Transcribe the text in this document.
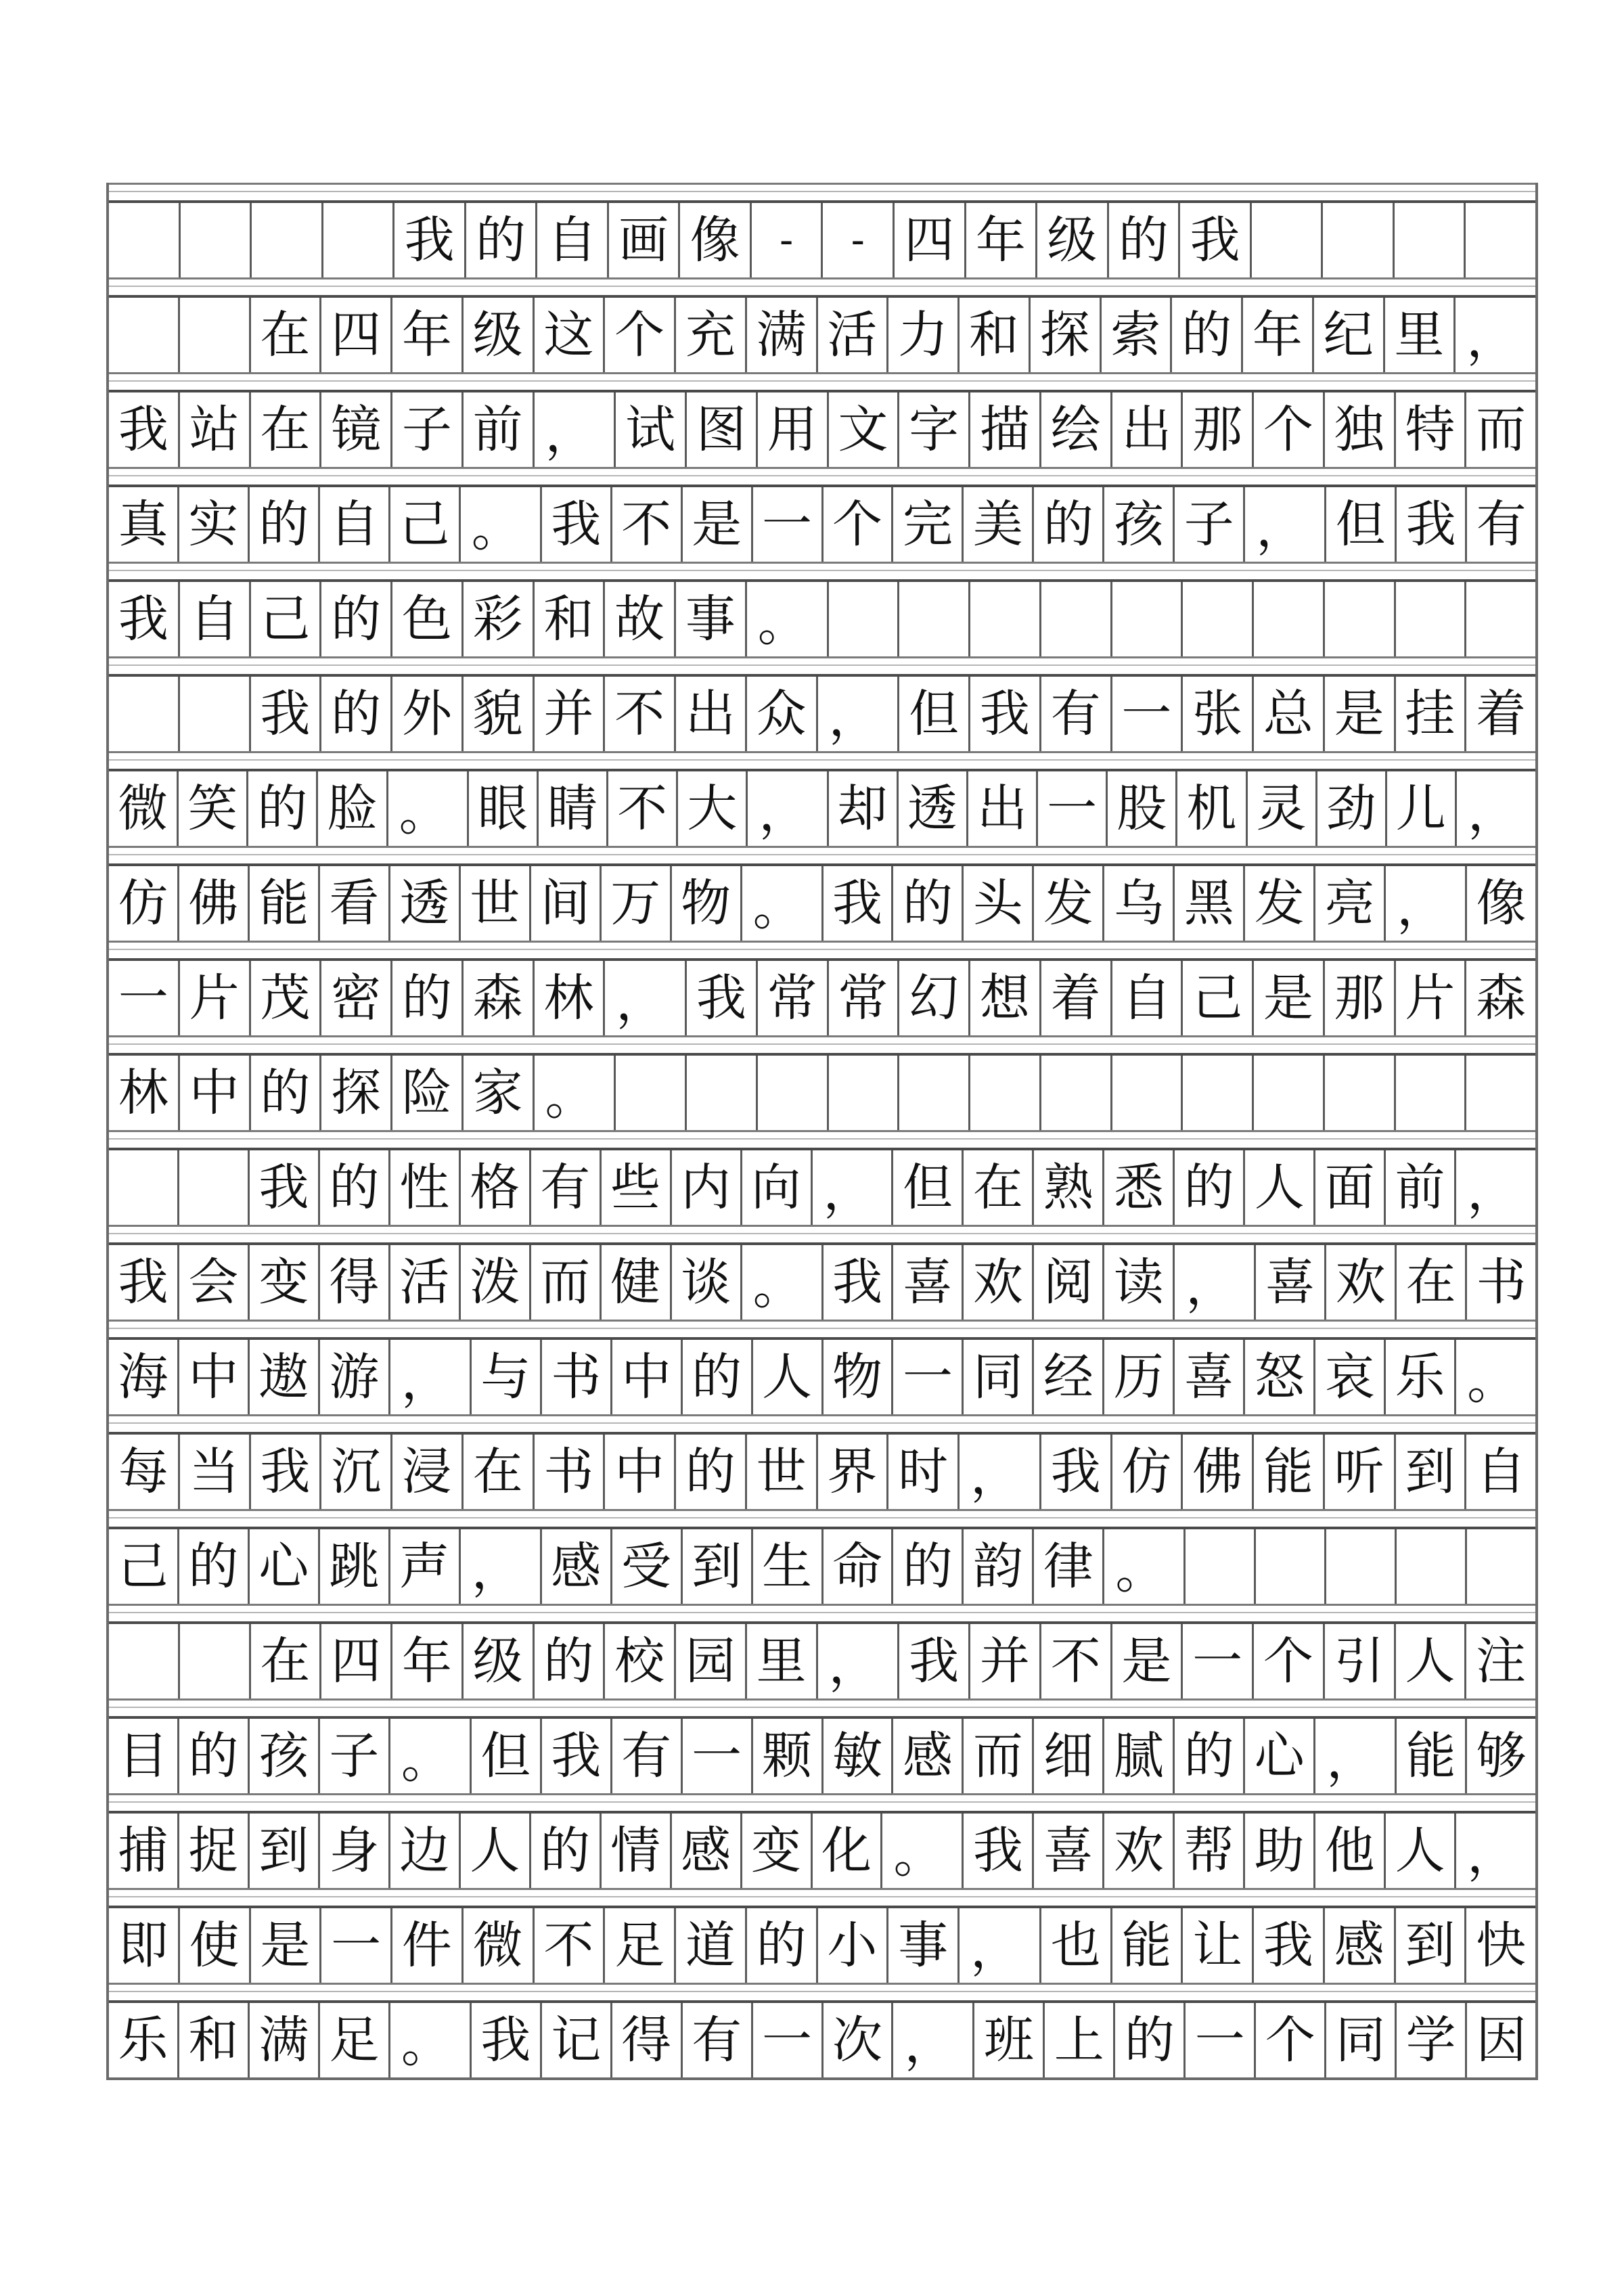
我 的 自 画 像 -	- 四 年 级 的 我
在 四 年 级 这 个 充 满 活 力 和 探 索 的 年 纪 里 ，
我 站 在 镜 子 前 ， 试 图 用 文 字 描 绘 出 那 个 独 特 而
真 实 的 自 己 。 我 不 是 一 个 完 美 的 孩 子 ， 但 我 有
我 自 己 的 色 彩 和 故 事 。
我 的 外 貌 并 不 出 众 ， 但 我 有 一 张 总 是 挂 着
微 笑 的 脸 。 眼 睛 不 大 ， 却 透 出 一 股 机 灵 劲 儿 ，
仿 佛 能 看 透 世 间 万 物 。 我 的 头 发 乌 黑 发 亮 ， 像
一 片 茂 密 的 森 林 ， 我 常 常 幻 想 着 自 己 是 那 片 森
林 中 的 探 险 家 。
我 的 性 格 有 些 内 向 ， 但 在 熟 悉 的 人 面 前 ，
我 会 变 得 活 泼 而 健 谈 。 我 喜 欢 阅 读 ， 喜 欢 在 书
海 中 遨 游 ， 与 书 中 的 人 物 一 同 经 历 喜 怒 哀 乐 。
每 当 我 沉 浸 在 书 中 的 世 界 时 ， 我 仿 佛 能 听 到 自
己 的 心 跳 声 ， 感 受 到 生 命 的 韵 律 。
在 四 年 级 的 校 园 里 ， 我 并 不 是 一 个 引 人 注
目 的 孩 子 。 但 我 有 一 颗 敏 感 而 细 腻 的 心 ， 能 够
捕 捉 到 身 边 人 的 情 感 变 化 。 我 喜 欢 帮 助 他 人 ，
即 使 是 一 件 微 不 足 道 的 小 事 ， 也 能 让 我 感 到 快
乐 和 满 足 。 我 记 得 有 一 次 ， 班 上 的 一 个 同 学 因
